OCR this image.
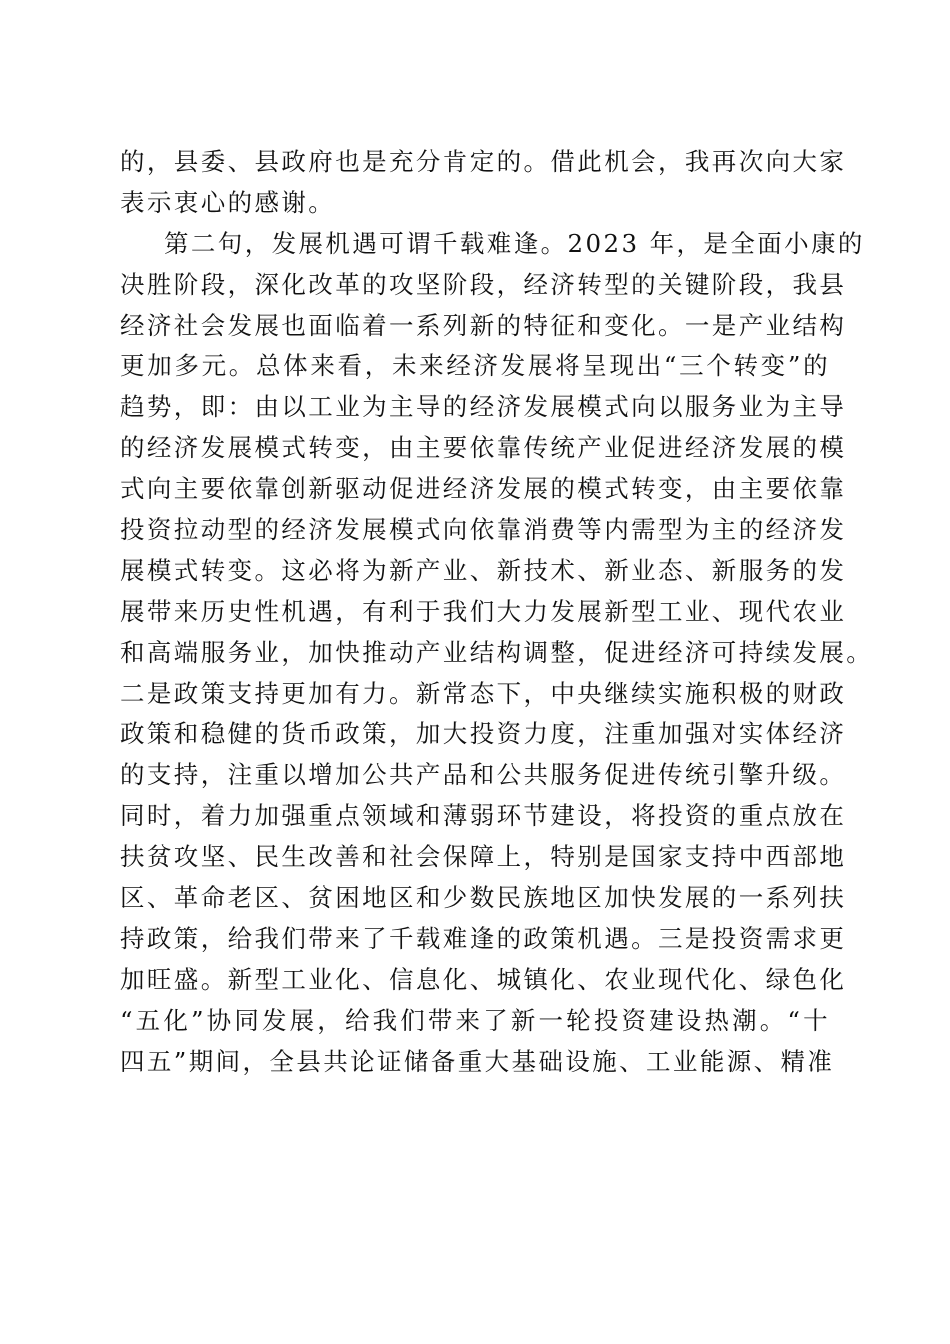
的，县委、县政府也是充分肯定的。借此机会，我再次向大家
表示衷心的感谢。
第二句，发展机遇可谓千载难逢。2023 年，是全面小康的
决胜阶段，深化改革的攻坚阶段，经济转型的关键阶段，我县
经济社会发展也面临着一系列新的特征和变化。一是产业结构
更加多元。总体来看，未来经济发展将呈现出“三个转变”的
趋势，即：由以工业为主导的经济发展模式向以服务业为主导
的经济发展模式转变，由主要依靠传统产业促进经济发展的模
式向主要依靠创新驱动促进经济发展的模式转变，由主要依靠
投资拉动型的经济发展模式向依靠消费等内需型为主的经济发
展模式转变。这必将为新产业、新技术、新业态、新服务的发
展带来历史性机遇，有利于我们大力发展新型工业、现代农业
和高端服务业，加快推动产业结构调整，促进经济可持续发展。
二是政策支持更加有力。新常态下，中央继续实施积极的财政
政策和稳健的货币政策，加大投资力度，注重加强对实体经济
的支持，注重以增加公共产品和公共服务促进传统引擎升级。
同时，着力加强重点领域和薄弱环节建设，将投资的重点放在
扶贫攻坚、民生改善和社会保障上，特别是国家支持中西部地
区、革命老区、贫困地区和少数民族地区加快发展的一系列扶
持政策，给我们带来了千载难逢的政策机遇。三是投资需求更
加旺盛。新型工业化、信息化、城镇化、农业现代化、绿色化
“五化”协同发展，给我们带来了新一轮投资建设热潮。“十
四五”期间，全县共论证储备重大基础设施、工业能源、精准
